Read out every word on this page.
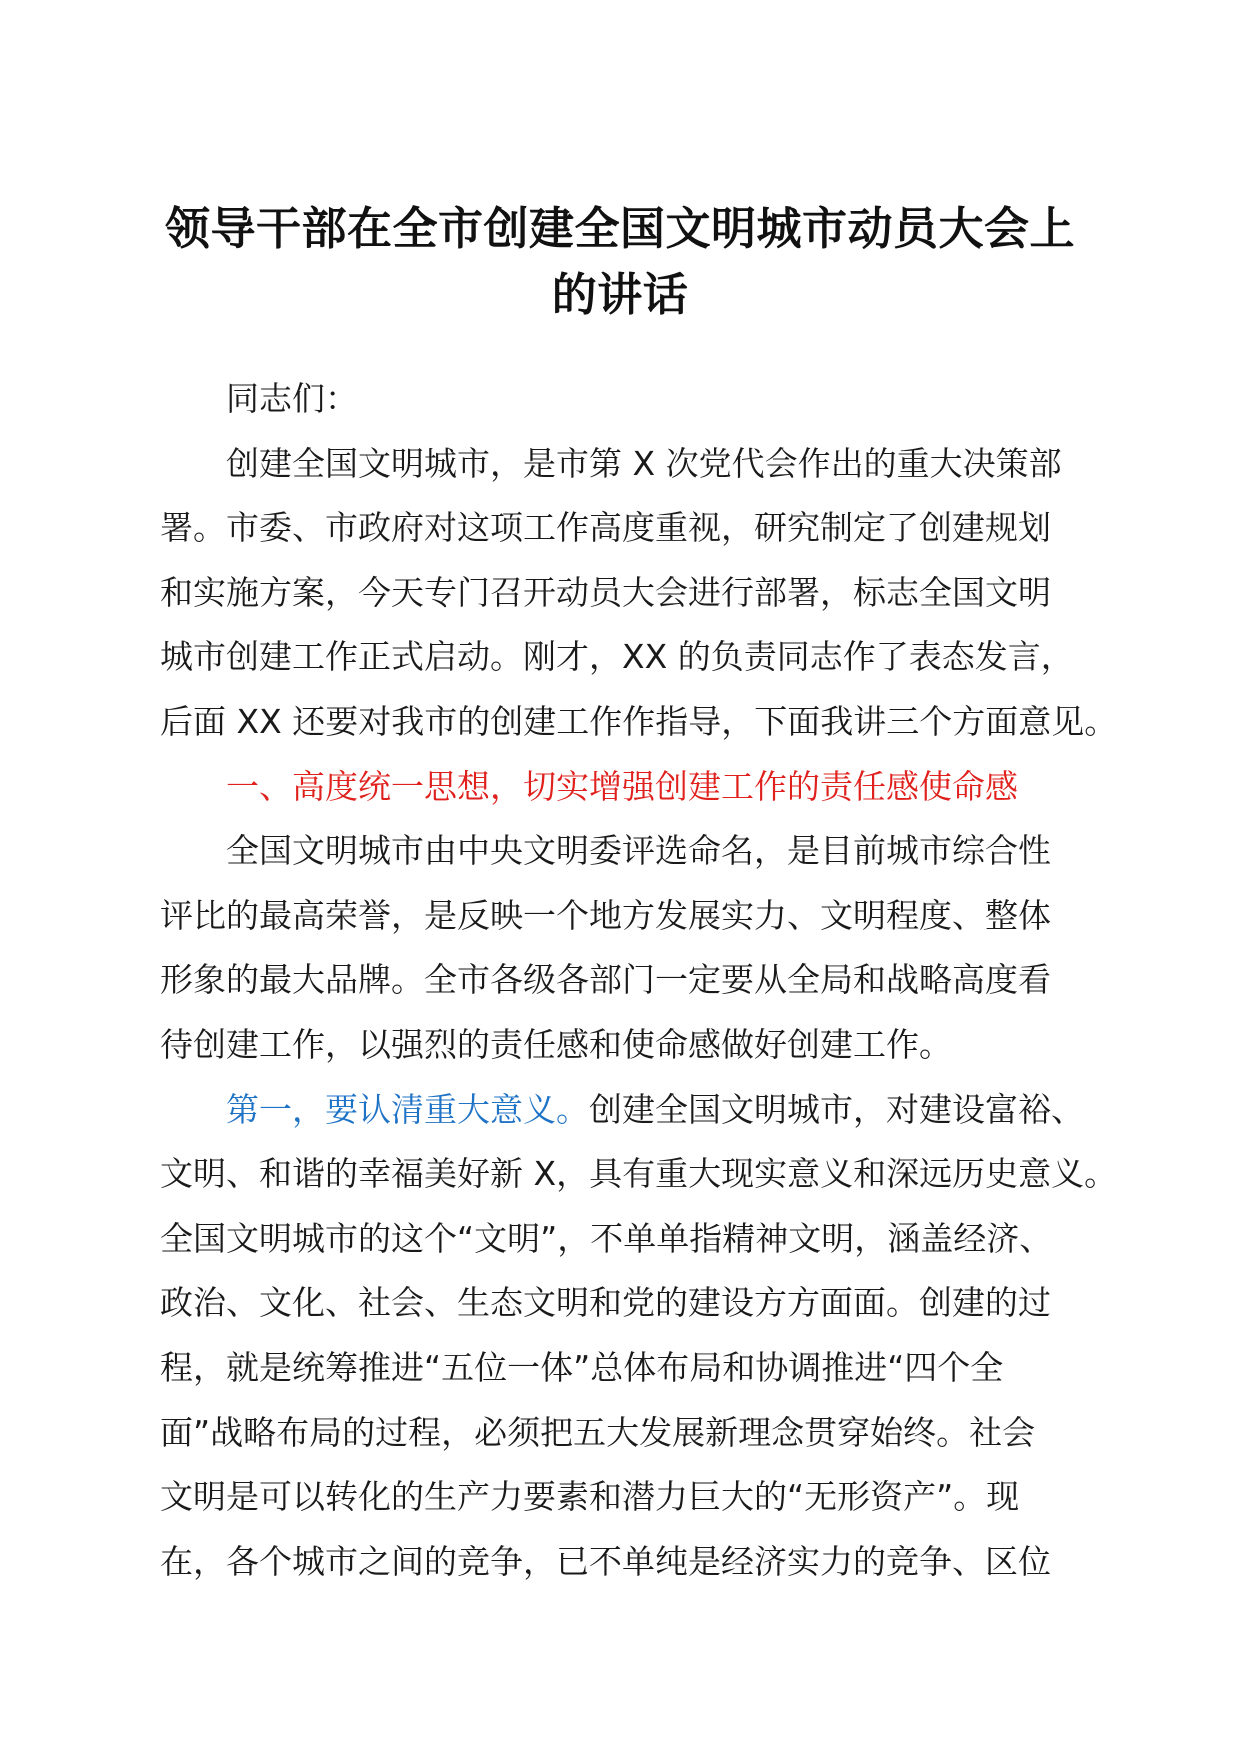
领导干部在全市创建全国文明城市动员大会上
的讲话

同志们：

创建全国文明城市，是市第 X 次党代会作出的重大决策部
署。市委、市政府对这项工作高度重视，研究制定了创建规划
和实施方案，今天专门召开动员大会进行部署，标志全国文明
城市创建工作正式启动。刚才，XX 的负责同志作了表态发言，
后面 XX 还要对我市的创建工作作指导，下面我讲三个方面意见。

一、高度统一思想，切实增强创建工作的责任感使命感

全国文明城市由中央文明委评选命名，是目前城市综合性
评比的最高荣誉，是反映一个地方发展实力、文明程度、整体
形象的最大品牌。全市各级各部门一定要从全局和战略高度看
待创建工作，以强烈的责任感和使命感做好创建工作。

第一，要认清重大意义。创建全国文明城市，对建设富裕、
文明、和谐的幸福美好新 X，具有重大现实意义和深远历史意义。
全国文明城市的这个“文明”，不单单指精神文明，涵盖经济、
政治、文化、社会、生态文明和党的建设方方面面。创建的过
程，就是统筹推进“五位一体”总体布局和协调推进“四个全
面”战略布局的过程，必须把五大发展新理念贯穿始终。社会
文明是可以转化的生产力要素和潜力巨大的“无形资产”。现
在，各个城市之间的竞争，已不单纯是经济实力的竞争、区位
